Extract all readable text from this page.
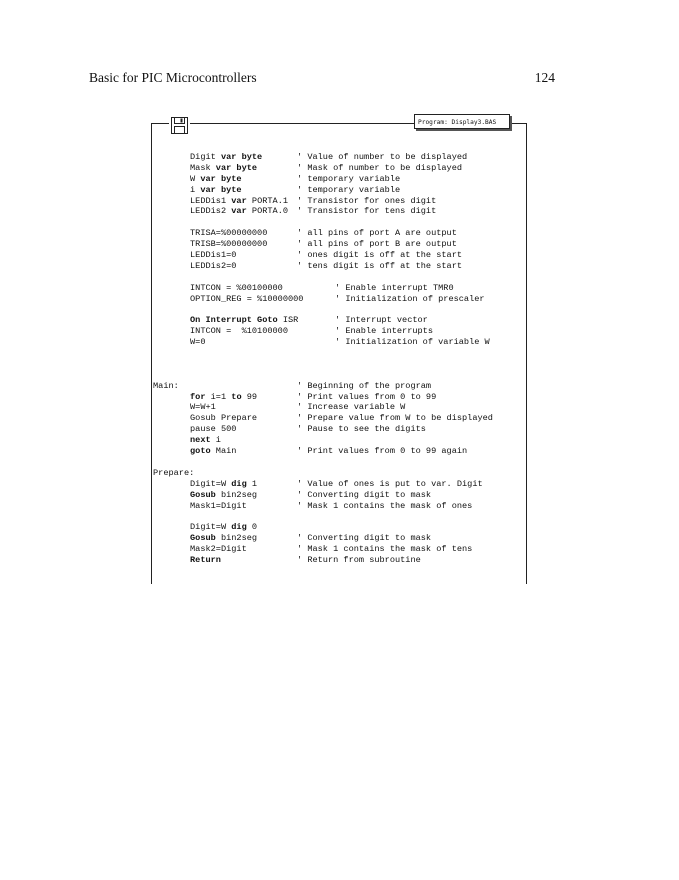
Basic for PIC Microcontrollers	124
Program: Display3.BAS
Digit var byte	' Value of number to be displayed
Mask var byte	' Mask of number to be displayed
W var byte	' temporary variable
i var byte	' temporary variable
LEDDis1 var PORTA.1 ' Transistor for ones digit
LEDDis2 var PORTA.0 ' Transistor for tens digit
TRISA=%00000000	' all pins of port A are output
TRISB=%00000000	' all pins of port B are output
LEDDis1=0	' ones digit is off at the start
LEDDis2=0	' tens digit is off at the start
INTCON = %00100000	' Enable interrupt TMR0
OPTION_REG = %10000000	' Initialization of prescaler
On Interrupt Goto ISR	' Interrupt vector
INTCON =  %10100000	' Enable interrupts
W=0	' Initialization of variable W
Main:	' Beginning of the program
for i=1 to 99	' Print values from 0 to 99
W=W+1	' Increase variable W
Gosub Prepare	' Prepare value from W to be displayed
pause 500	' Pause to see the digits
next i
goto Main	' Print values from 0 to 99 again
Prepare:
Digit=W dig 1	' Value of ones is put to var. Digit
Gosub bin2seg	' Converting digit to mask
Mask1=Digit	' Mask 1 contains the mask of ones
Digit=W dig 0
Gosub bin2seg	' Converting digit to mask
Mask2=Digit	' Mask 1 contains the mask of tens
Return	' Return from subroutine
